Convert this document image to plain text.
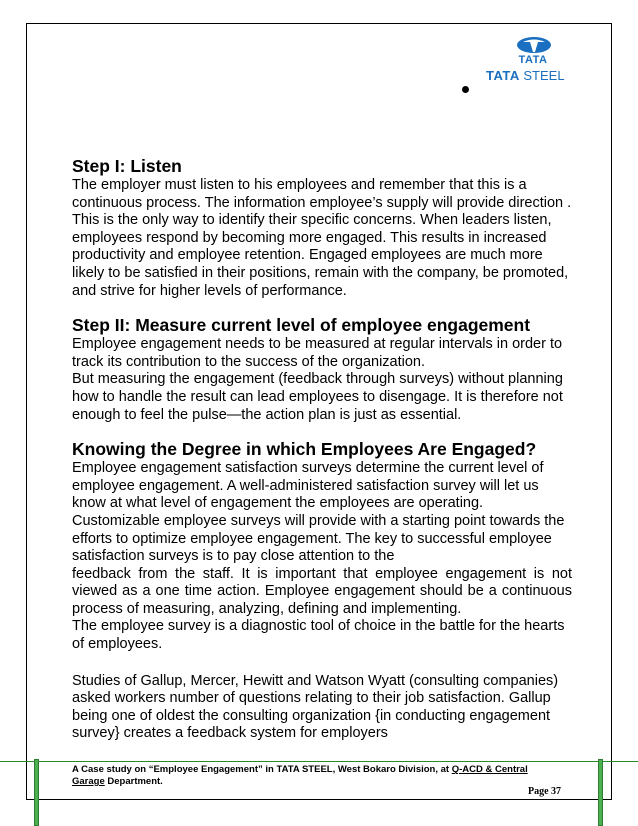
TATA
TATA STEEL
Step I: Listen

The employer must listen to his employees and remember that this is a continuous process. The information employee’s supply will provide direction . This is the only way to identify their specific concerns. When leaders listen, employees respond by becoming more engaged. This results in increased productivity and employee retention. Engaged employees are much more likely to be satisfied in their positions, remain with the company, be promoted, and strive for higher levels of performance.

Step II: Measure current level of employee engagement

Employee engagement needs to be measured at regular intervals in order to track its contribution to the success of the organization.

But measuring the engagement (feedback through surveys) without planning how to handle the result can lead employees to disengage. It is therefore not enough to feel the pulse—the action plan is just as essential.

Knowing the Degree in which Employees Are Engaged?

Employee engagement satisfaction surveys determine the current level of employee engagement. A well-administered satisfaction survey will let us know at what level of engagement the employees are operating. Customizable employee surveys will provide with a starting point towards the efforts to optimize employee engagement. The key to successful employee satisfaction surveys is to pay close attention to the

feedback from the staff. It is important that employee engagement is not viewed as a one time action. Employee engagement should be a continuous process of measuring, analyzing, defining and implementing.

The employee survey is a diagnostic tool of choice in the battle for the hearts of employees.

Studies of Gallup, Mercer, Hewitt and Watson Wyatt (consulting companies) asked workers number of questions relating to their job satisfaction. Gallup being one of oldest the consulting organization {in conducting engagement survey} creates a feedback system for employers

A Case study on “Employee Engagement” in TATA STEEL, West Bokaro Division, at Q-ACD & Central
Garage Department.
Page 37
